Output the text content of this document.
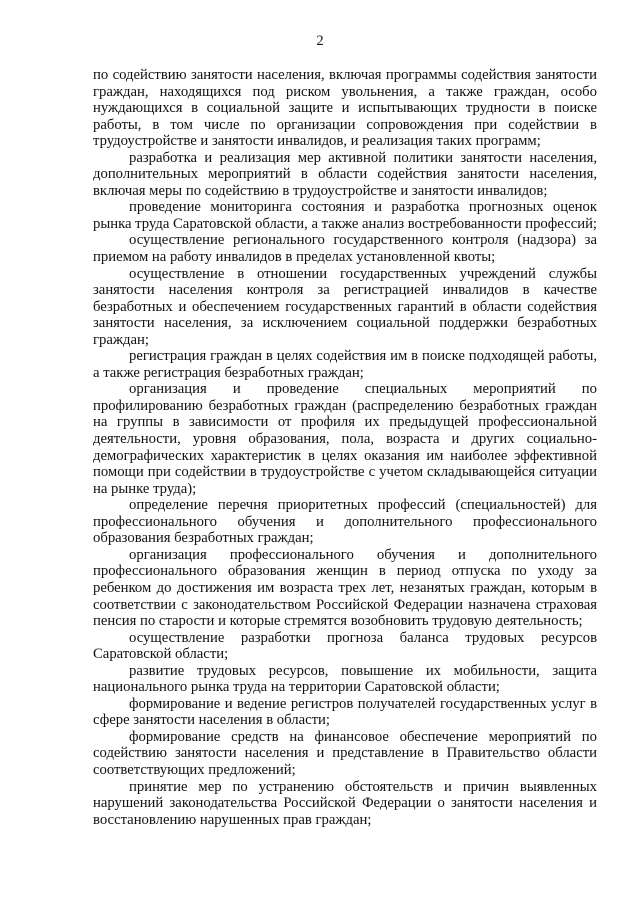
2

по содействию занятости населения, включая программы содействия занятости граждан, находящихся под риском увольнения, а также граждан, особо нуждающихся в социальной защите и испытывающих трудности в поиске работы, в том числе по организации сопровождения при содействии в трудоустройстве и занятости инвалидов, и реализация таких программ;

разработка и реализация мер активной политики занятости населения, дополнительных мероприятий в области содействия занятости населения, включая меры по содействию в трудоустройстве и занятости инвалидов;

проведение мониторинга состояния и разработка прогнозных оценок рынка труда Саратовской области, а также анализ востребованности профессий;

осуществление регионального государственного контроля (надзора) за приемом на работу инвалидов в пределах установленной квоты;

осуществление в отношении государственных учреждений службы занятости населения контроля за регистрацией инвалидов в качестве безработных и обеспечением государственных гарантий в области содействия занятости населения, за исключением социальной поддержки безработных граждан;

регистрация граждан в целях содействия им в поиске подходящей работы, а также регистрация безработных граждан;

организация и проведение специальных мероприятий по профилированию безработных граждан (распределению безработных граждан на группы в зависимости от профиля их предыдущей профессиональной деятельности, уровня образования, пола, возраста и других социально-демографических характеристик в целях оказания им наиболее эффективной помощи при содействии в трудоустройстве с учетом складывающейся ситуации на рынке труда);

определение перечня приоритетных профессий (специальностей) для профессионального обучения и дополнительного профессионального образования безработных граждан;

организация профессионального обучения и дополнительного профессионального образования женщин в период отпуска по уходу за ребенком до достижения им возраста трех лет, незанятых граждан, которым в соответствии с законодательством Российской Федерации назначена страховая пенсия по старости и которые стремятся возобновить трудовую деятельность;

осуществление разработки прогноза баланса трудовых ресурсов Саратовской области;

развитие трудовых ресурсов, повышение их мобильности, защита национального рынка труда на территории Саратовской области;

формирование и ведение регистров получателей государственных услуг в сфере занятости населения в области;

формирование средств на финансовое обеспечение мероприятий по содействию занятости населения и представление в Правительство области соответствующих предложений;

принятие мер по устранению обстоятельств и причин выявленных нарушений законодательства Российской Федерации о занятости населения и восстановлению нарушенных прав граждан;
